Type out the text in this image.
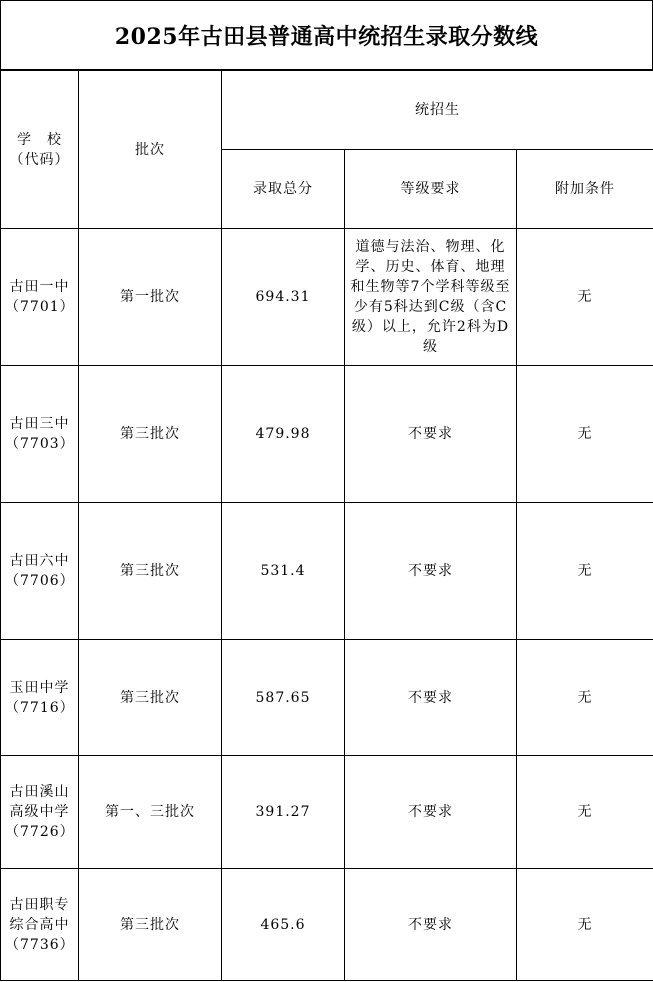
2025年古田县普通高中统招生录取分数线
学　校
（代码）	批次	统招生		
		录取总分	等级要求	附加条件
古田一中
（7701）	第一批次	694.31	道德与法治、物理、化学、历史、体育、地理和生物等7个学科等级至少有5科达到C级（含C级）以上，允许2科为D级	无
古田三中
（7703）	第三批次	479.98	不要求	无
古田六中
（7706）	第三批次	531.4	不要求	无
玉田中学
（7716）	第三批次	587.65	不要求	无
古田溪山
高级中学
（7726）	第一、三批次	391.27	不要求	无
古田职专
综合高中
（7736）	第三批次	465.6	不要求	无
